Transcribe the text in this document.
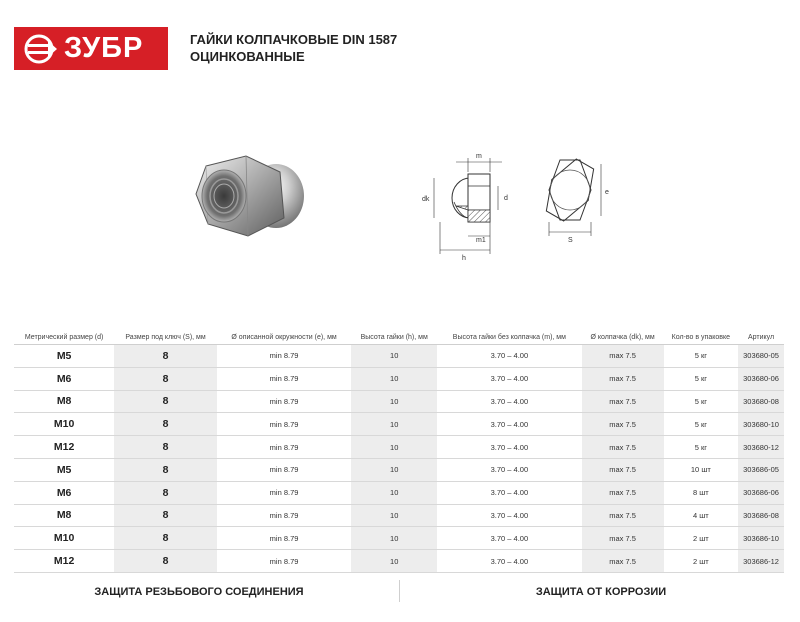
ЗУБР	ГАЙКИ КОЛПАЧКОВЫЕ DIN 1587
ОЦИНКОВАННЫЕ
m
dk	d
m1
h
e
S
Метрический размер (d)	Размер под ключ (S), мм	Ø описанной окружности (e), мм	Высота гайки (h), мм	Высота гайки без колпачка (m), мм	Ø колпачка (dk), мм	Кол-во в упаковке	Артикул
M5	8	min 8.79	10	3.70 – 4.00	max 7.5	5 кг	303680-05
M6	8	min 8.79	10	3.70 – 4.00	max 7.5	5 кг	303680-06
M8	8	min 8.79	10	3.70 – 4.00	max 7.5	5 кг	303680-08
M10	8	min 8.79	10	3.70 – 4.00	max 7.5	5 кг	303680-10
M12	8	min 8.79	10	3.70 – 4.00	max 7.5	5 кг	303680-12
M5	8	min 8.79	10	3.70 – 4.00	max 7.5	10 шт	303686-05
M6	8	min 8.79	10	3.70 – 4.00	max 7.5	8 шт	303686-06
M8	8	min 8.79	10	3.70 – 4.00	max 7.5	4 шт	303686-08
M10	8	min 8.79	10	3.70 – 4.00	max 7.5	2 шт	303686-10
M12	8	min 8.79	10	3.70 – 4.00	max 7.5	2 шт	303686-12
ЗАЩИТА РЕЗЬБОВОГО СОЕДИНЕНИЯ	ЗАЩИТА ОТ КОРРОЗИИ
